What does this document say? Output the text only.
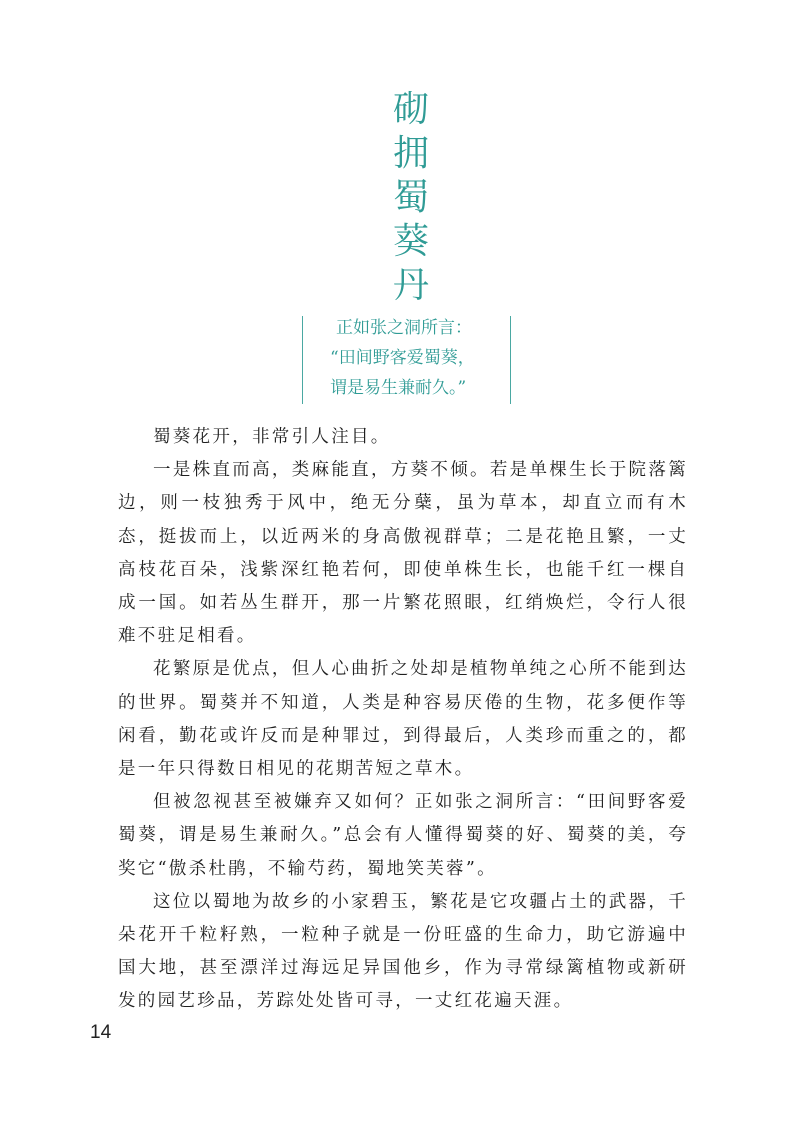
砌
拥
蜀
葵
丹
正如张之洞所言：
“田间野客爱蜀葵，
谓是易生兼耐久。”

蜀葵花开，非常引人注目。

一是株直而高，类麻能直，方葵不倾。若是单棵生长于院落篱边，则一枝独秀于风中，绝无分蘖，虽为草本，却直立而有木态，挺拔而上，以近两米的身高傲视群草；二是花艳且繁，一丈高枝花百朵，浅紫深红艳若何，即使单株生长，也能千红一棵自成一国。如若丛生群开，那一片繁花照眼，红绡焕烂，令行人很难不驻足相看。

花繁原是优点，但人心曲折之处却是植物单纯之心所不能到达的世界。蜀葵并不知道，人类是种容易厌倦的生物，花多便作等闲看，勤花或许反而是种罪过，到得最后，人类珍而重之的，都是一年只得数日相见的花期苦短之草木。

但被忽视甚至被嫌弃又如何？正如张之洞所言：“田间野客爱蜀葵，谓是易生兼耐久。”总会有人懂得蜀葵的好、蜀葵的美，夸奖它“傲杀杜鹃，不输芍药，蜀地笑芙蓉”。

这位以蜀地为故乡的小家碧玉，繁花是它攻疆占土的武器，千朵花开千粒籽熟，一粒种子就是一份旺盛的生命力，助它游遍中国大地，甚至漂洋过海远足异国他乡，作为寻常绿篱植物或新研发的园艺珍品，芳踪处处皆可寻，一丈红花遍天涯。

14
